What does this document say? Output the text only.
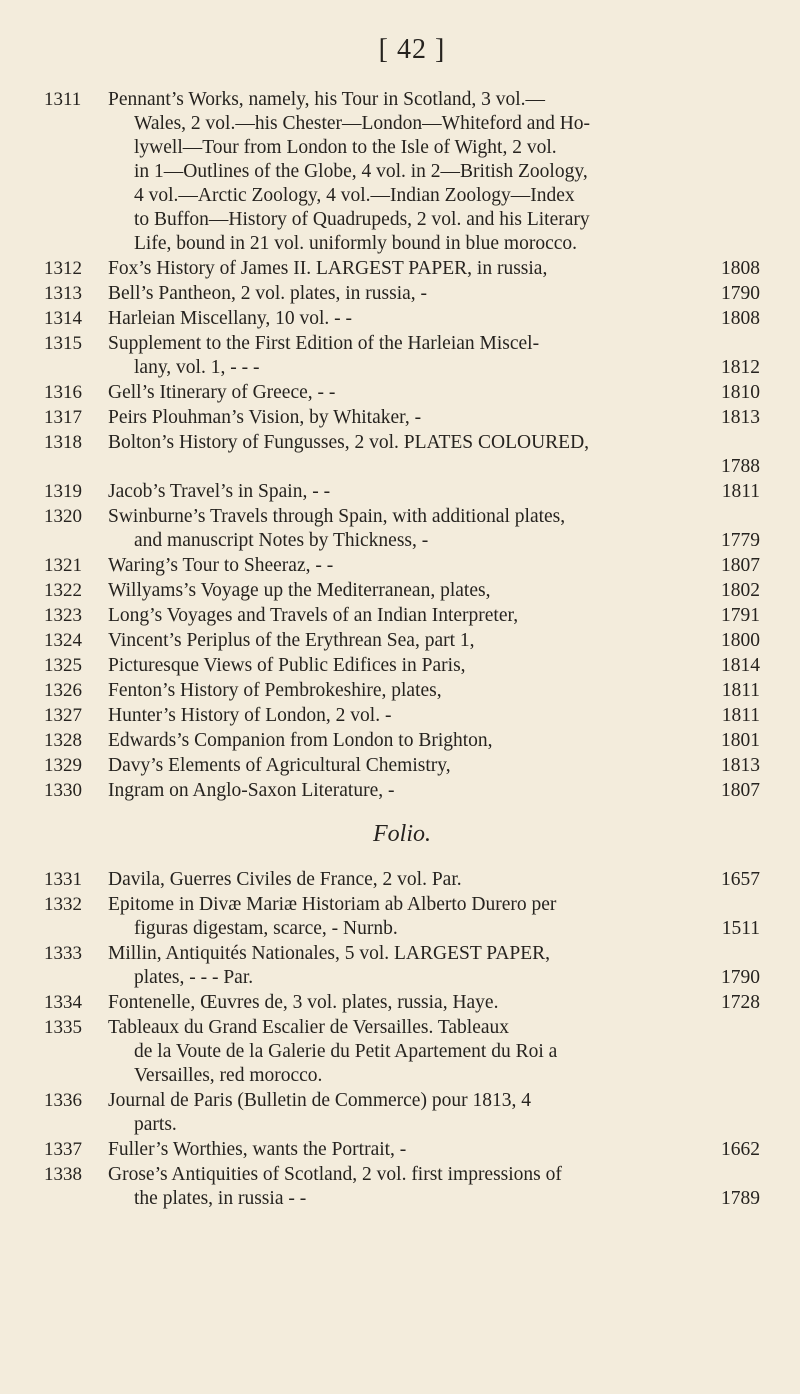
[ 42 ]
1311	Pennant’s Works, namely, his Tour in Scotland, 3 vol.—
Wales, 2 vol.—his Chester—London—Whiteford and Ho-
lywell—Tour from London to the Isle of Wight, 2 vol.
in 1—Outlines of the Globe, 4 vol. in 2—British Zoology,
4 vol.—Arctic Zoology, 4 vol.—Indian Zoology—Index
to Buffon—History of Quadrupeds, 2 vol. and his Literary
Life, bound in 21 vol. uniformly bound in blue morocco.
1312	Fox’s History of James II. LARGEST PAPER, in russia,	1808
1313	Bell’s Pantheon, 2 vol. plates, in russia, -	1790
1314	Harleian Miscellany, 10 vol. - -	1808
1315	Supplement to the First Edition of the Harleian Miscel-
lany, vol. 1, - - -	1812
1316	Gell’s Itinerary of Greece, - -	1810
1317	Peirs Plouhman’s Vision, by Whitaker, -	1813
1318	Bolton’s History of Fungusses, 2 vol. PLATES COLOURED,
1788
1319	Jacob’s Travel’s in Spain, - -	1811
1320	Swinburne’s Travels through Spain, with additional plates,
and manuscript Notes by Thickness, -	1779
1321	Waring’s Tour to Sheeraz, - -	1807
1322	Willyams’s Voyage up the Mediterranean, plates,	1802
1323	Long’s Voyages and Travels of an Indian Interpreter,	1791
1324	Vincent’s Periplus of the Erythrean Sea, part 1,	1800
1325	Picturesque Views of Public Edifices in Paris,	1814
1326	Fenton’s History of Pembrokeshire, plates,	1811
1327	Hunter’s History of London, 2 vol. -	1811
1328	Edwards’s Companion from London to Brighton,	1801
1329	Davy’s Elements of Agricultural Chemistry,	1813
1330	Ingram on Anglo-Saxon Literature, -	1807
Folio.
1331	Davila, Guerres Civiles de France, 2 vol. Par.	1657
1332	Epitome in Divæ Mariæ Historiam ab Alberto Durero per
figuras digestam, scarce, - Nurnb.	1511
1333	Millin, Antiquités Nationales, 5 vol. LARGEST PAPER,
plates, - - - Par.	1790
1334	Fontenelle, Œuvres de, 3 vol. plates, russia, Haye.	1728
1335	Tableaux du Grand Escalier de Versailles. Tableaux
de la Voute de la Galerie du Petit Apartement du Roi a
Versailles, red morocco.
1336	Journal de Paris (Bulletin de Commerce) pour 1813, 4
parts.
1337	Fuller’s Worthies, wants the Portrait, -	1662
1338	Grose’s Antiquities of Scotland, 2 vol. first impressions of
the plates, in russia - -	1789
